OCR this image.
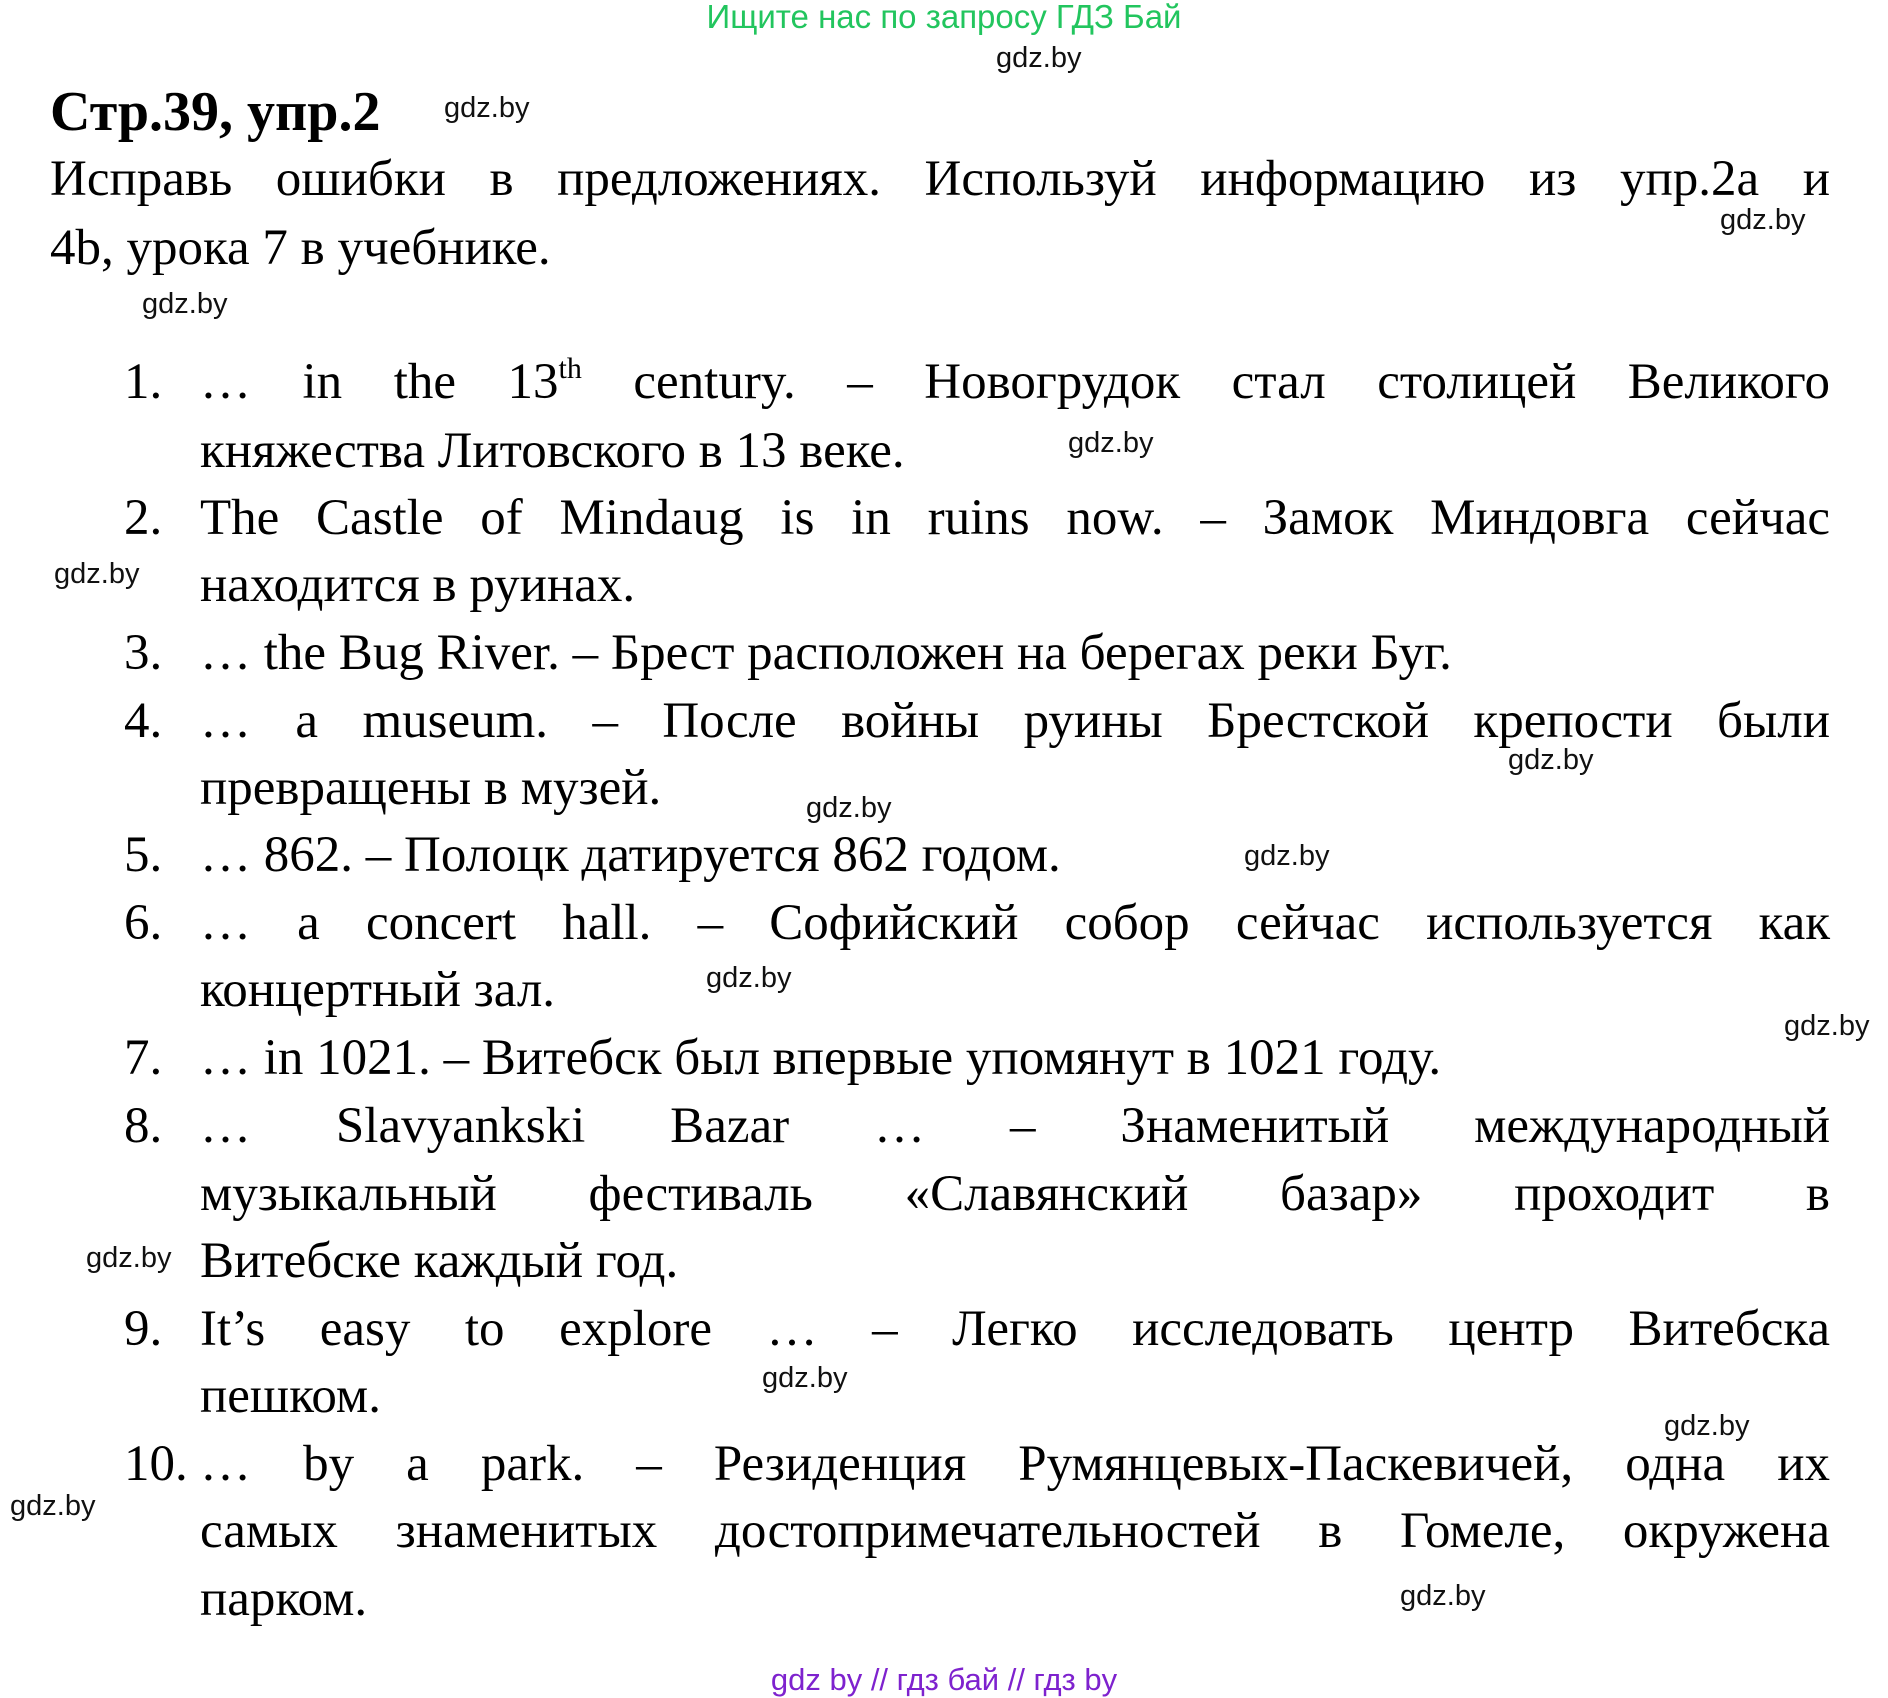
Ищите нас по запросу ГДЗ Бай
gdz.by
gdz.by
gdz.by
gdz.by
gdz.by
gdz.by
gdz.by
gdz.by
gdz.by
gdz.by
gdz.by
gdz.by
gdz.by
gdz.by
gdz.by
gdz.by
Стр.39, упр.2
Исправь ошибки в предложениях. Используй информацию из упр.2а и
4b, урока 7 в учебнике.
1. … in the 13th century. – Новогрудок стал столицей Великого
княжества Литовского в 13 веке.
2. The Castle of Mindaug is in ruins now. – Замок Миндовга сейчас
находится в руинах.
3. … the Bug River. – Брест расположен на берегах реки Буг.
4. … a museum. – После войны руины Брестской крепости были
превращены в музей.
5. … 862. – Полоцк датируется 862 годом.
6. … a concert hall. – Софийский собор сейчас используется как
концертный зал.
7. … in 1021. – Витебск был впервые упомянут в 1021 году.
8. … Slavyankski Bazar … – Знаменитый международный
музыкальный фестиваль «Славянский базар» проходит в
Витебске каждый год.
9. It’s easy to explore … – Легко исследовать центр Витебска
пешком.
10. … by a park. – Резиденция Румянцевых-Паскевичей, одна их
самых знаменитых достопримечательностей в Гомеле, окружена
парком.
gdz by // гдз бай // гдз by
